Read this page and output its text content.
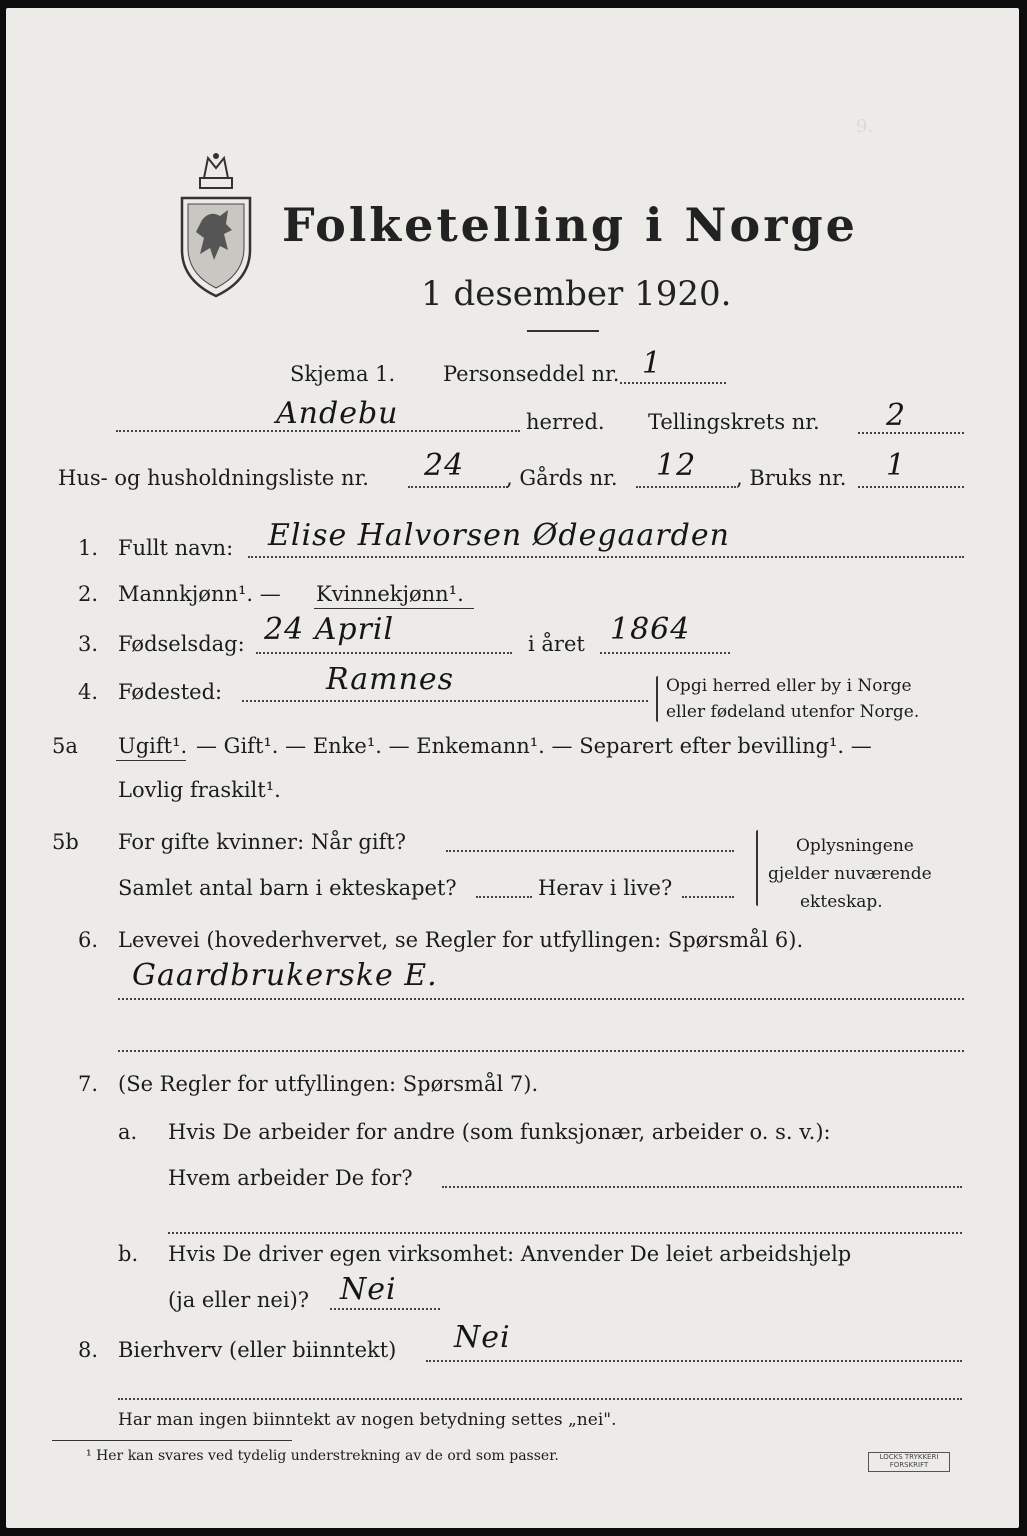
9.
Folketelling i Norge
1 desember 1920.
Skjema 1. Personseddel nr. 1
Andebu	herred. Tellingskrets nr. 2
Hus- og husholdningsliste nr. 24 , Gårds nr. 12 , Bruks nr. 1
1. Fullt navn: Elise Halvorsen Ødegaarden
2. Mannkjønn¹. — Kvinnekjønn¹.
3. Fødselsdag: 24 April	i året 1864
4. Fødested:	Ramnes	Opgi herred eller by i Norge
eller fødeland utenfor Norge.
5a Ugift¹. — Gift¹. — Enke¹. — Enkemann¹. — Separert efter bevilling¹. —
Lovlig fraskilt¹.
5b For gifte kvinner: Når gift?
Samlet antal barn i ekteskapet?	Herav i live?
Oplysningene
gjelder nuværende
ekteskap.
6. Levevei (hovederhvervet, se Regler for utfyllingen: Spørsmål 6).
Gaardbrukerske E.
7. (Se Regler for utfyllingen: Spørsmål 7).
a. Hvis De arbeider for andre (som funksjonær, arbeider o. s. v.):
Hvem arbeider De for?
b. Hvis De driver egen virksomhet: Anvender De leiet arbeidshjelp
(ja eller nei)? Nei
8. Bierhverv (eller biinntekt) Nei
Har man ingen biinntekt av nogen betydning settes „nei".
¹ Her kan svares ved tydelig understrekning av de ord som passer.	LOCKS TRYKKERI FORSKRIFT
